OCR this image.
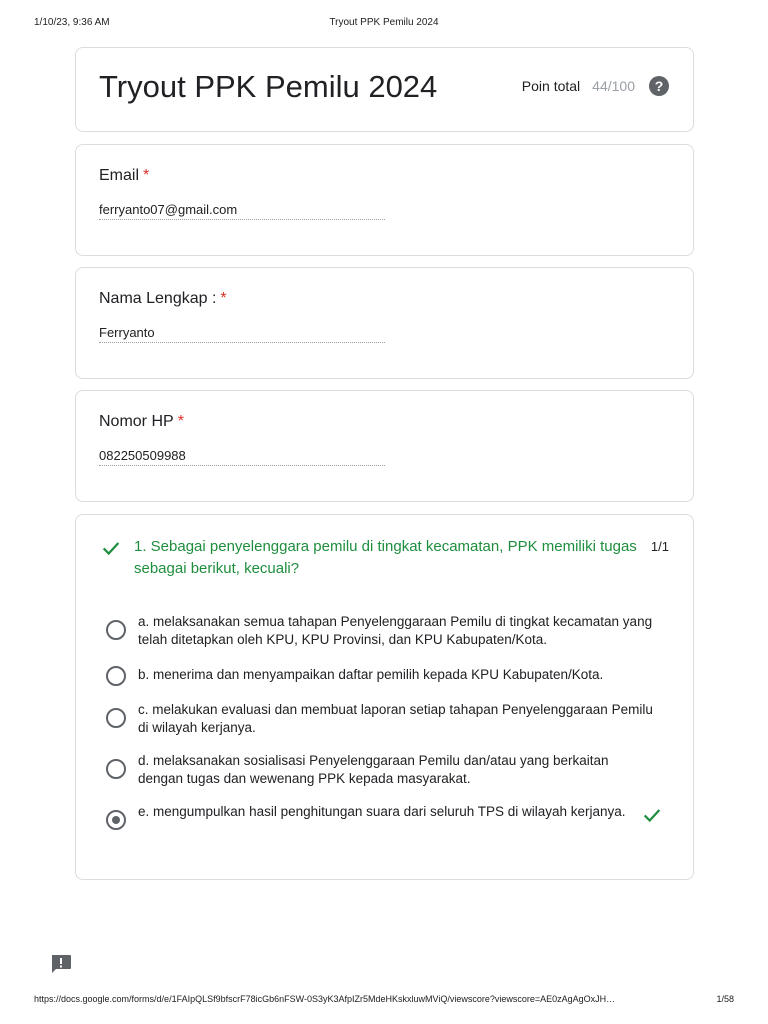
1/10/23, 9:36 AM	Tryout PPK Pemilu 2024
Tryout PPK Pemilu 2024	Poin total 44/100	?
Email *
ferryanto07@gmail.com
Nama Lengkap : *
Ferryanto
Nomor HP *
082250509988
1. Sebagai penyelenggara pemilu di tingkat kecamatan, PPK memiliki tugas sebagai berikut, kecuali?
1/1
a. melaksanakan semua tahapan Penyelenggaraan Pemilu di tingkat kecamatan yang telah ditetapkan oleh KPU, KPU Provinsi, dan KPU Kabupaten/Kota.
b. menerima dan menyampaikan daftar pemilih kepada KPU Kabupaten/Kota.
c. melakukan evaluasi dan membuat laporan setiap tahapan Penyelenggaraan Pemilu di wilayah kerjanya.
d. melaksanakan sosialisasi Penyelenggaraan Pemilu dan/atau yang berkaitan dengan tugas dan wewenang PPK kepada masyarakat.
e. mengumpulkan hasil penghitungan suara dari seluruh TPS di wilayah kerjanya.
https://docs.google.com/forms/d/e/1FAIpQLSf9bfscrF78icGb6nFSW-0S3yK3AfpIZr5MdeHKskxluwMViQ/viewscore?viewscore=AE0zAgAgOxJH…	1/58
